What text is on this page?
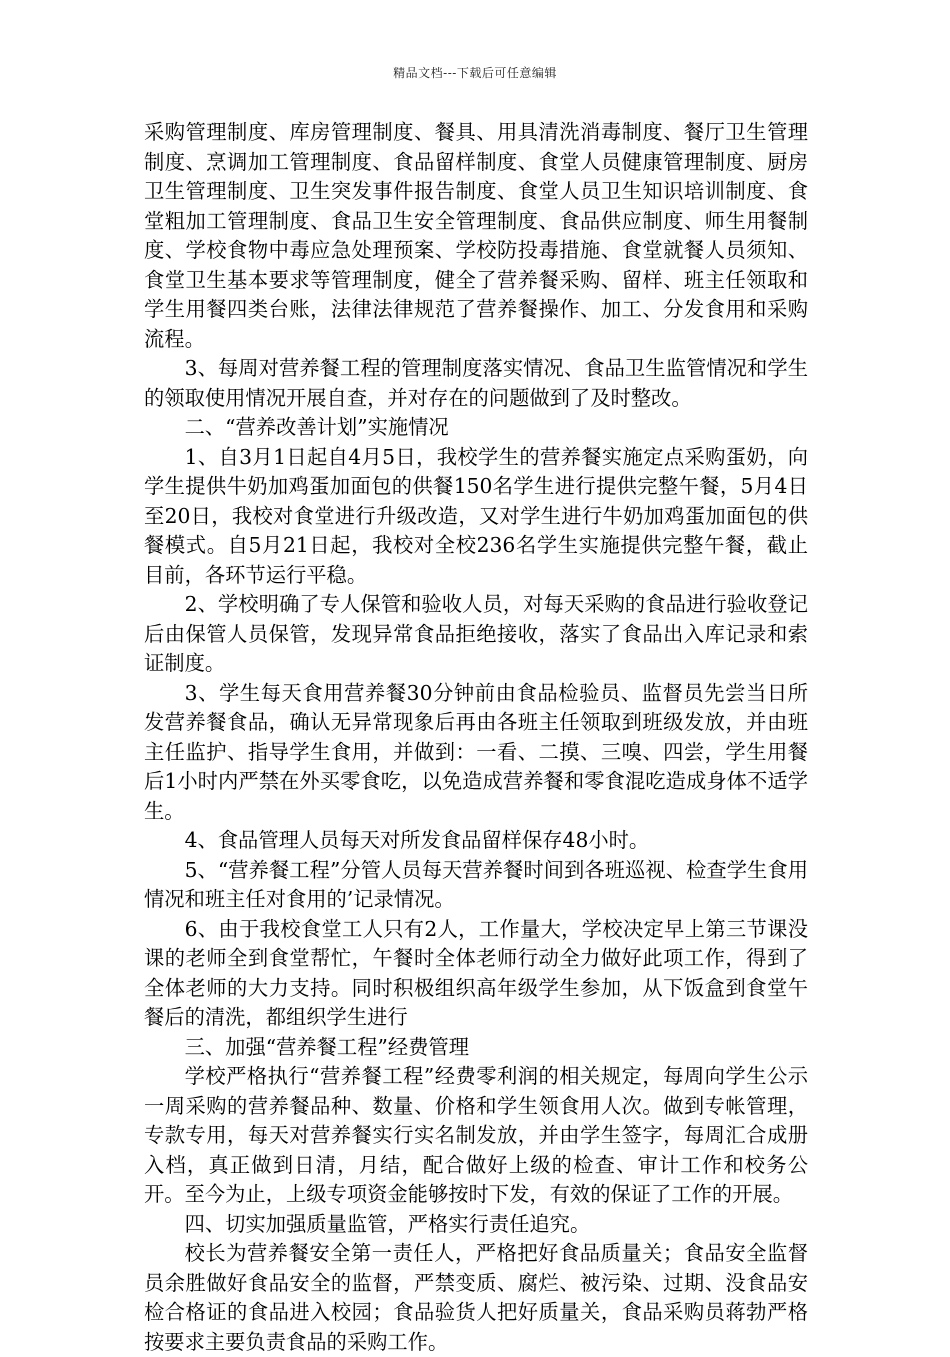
精品文档---下载后可任意编辑

采购管理制度、库房管理制度、餐具、用具清洗消毒制度、餐厅卫生管理制度、烹调加工管理制度、食品留样制度、食堂人员健康管理制度、厨房卫生管理制度、卫生突发事件报告制度、食堂人员卫生知识培训制度、食堂粗加工管理制度、食品卫生安全管理制度、食品供应制度、师生用餐制度、学校食物中毒应急处理预案、学校防投毒措施、食堂就餐人员须知、食堂卫生基本要求等管理制度，健全了营养餐采购、留样、班主任领取和学生用餐四类台账，法律法律规范了营养餐操作、加工、分发食用和采购流程。

3、每周对营养餐工程的管理制度落实情况、食品卫生监管情况和学生的领取使用情况开展自查，并对存在的问题做到了及时整改。

二、“营养改善计划”实施情况

1、自3月1日起自4月5日，我校学生的营养餐实施定点采购蛋奶，向学生提供牛奶加鸡蛋加面包的供餐150名学生进行提供完整午餐，5月4日至20日，我校对食堂进行升级改造，又对学生进行牛奶加鸡蛋加面包的供餐模式。自5月21日起，我校对全校236名学生实施提供完整午餐，截止目前，各环节运行平稳。

2、学校明确了专人保管和验收人员，对每天采购的食品进行验收登记后由保管人员保管，发现异常食品拒绝接收，落实了食品出入库记录和索证制度。

3、学生每天食用营养餐30分钟前由食品检验员、监督员先尝当日所发营养餐食品，确认无异常现象后再由各班主任领取到班级发放，并由班主任监护、指导学生食用，并做到：一看、二摸、三嗅、四尝，学生用餐后1小时内严禁在外买零食吃，以免造成营养餐和零食混吃造成身体不适学生。

4、食品管理人员每天对所发食品留样保存48小时。

5、“营养餐工程”分管人员每天营养餐时间到各班巡视、检查学生食用情况和班主任对食用的’记录情况。

6、由于我校食堂工人只有2人，工作量大，学校决定早上第三节课没课的老师全到食堂帮忙，午餐时全体老师行动全力做好此项工作，得到了全体老师的大力支持。同时积极组织高年级学生参加，从下饭盒到食堂午餐后的清洗，都组织学生进行

三、加强“营养餐工程”经费管理

学校严格执行“营养餐工程”经费零利润的相关规定，每周向学生公示一周采购的营养餐品种、数量、价格和学生领食用人次。做到专帐管理，专款专用，每天对营养餐实行实名制发放，并由学生签字，每周汇合成册入档，真正做到日清，月结，配合做好上级的检查、审计工作和校务公开。至今为止，上级专项资金能够按时下发，有效的保证了工作的开展。

四、切实加强质量监管，严格实行责任追究。

校长为营养餐安全第一责任人，严格把好食品质量关；食品安全监督员余胜做好食品安全的监督，严禁变质、腐烂、被污染、过期、没食品安检合格证的食品进入校园；食品验货人把好质量关，食品采购员蒋勃严格按要求主要负责食品的采购工作。
